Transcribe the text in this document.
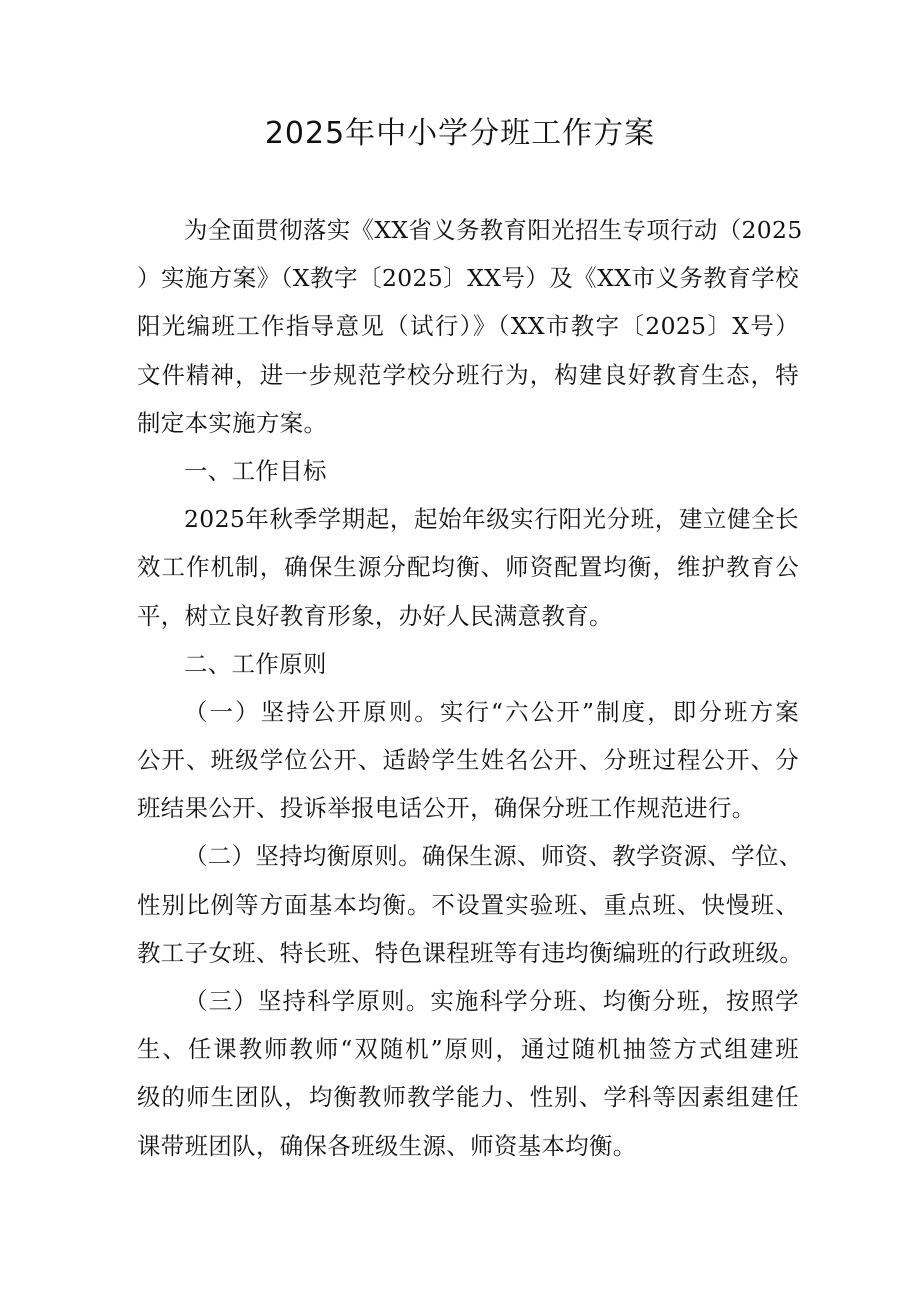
2025年中小学分班工作方案
为全面贯彻落实《XX省义务教育阳光招生专项行动（2025
）实施方案》（X教字〔2025〕XX号）及《XX市义务教育学校
阳光编班工作指导意见（试行）》（XX市教字〔2025〕X号）
文件精神，进一步规范学校分班行为，构建良好教育生态，特
制定本实施方案。
一、工作目标
2025年秋季学期起，起始年级实行阳光分班，建立健全长
效工作机制，确保生源分配均衡、师资配置均衡，维护教育公
平，树立良好教育形象，办好人民满意教育。
二、工作原则
（一）坚持公开原则。实行“六公开”制度，即分班方案
公开、班级学位公开、适龄学生姓名公开、分班过程公开、分
班结果公开、投诉举报电话公开，确保分班工作规范进行。
（二）坚持均衡原则。确保生源、师资、教学资源、学位、
性别比例等方面基本均衡。不设置实验班、重点班、快慢班、
教工子女班、特长班、特色课程班等有违均衡编班的行政班级。
（三）坚持科学原则。实施科学分班、均衡分班，按照学
生、任课教师教师“双随机”原则，通过随机抽签方式组建班
级的师生团队，均衡教师教学能力、性别、学科等因素组建任
课带班团队，确保各班级生源、师资基本均衡。
